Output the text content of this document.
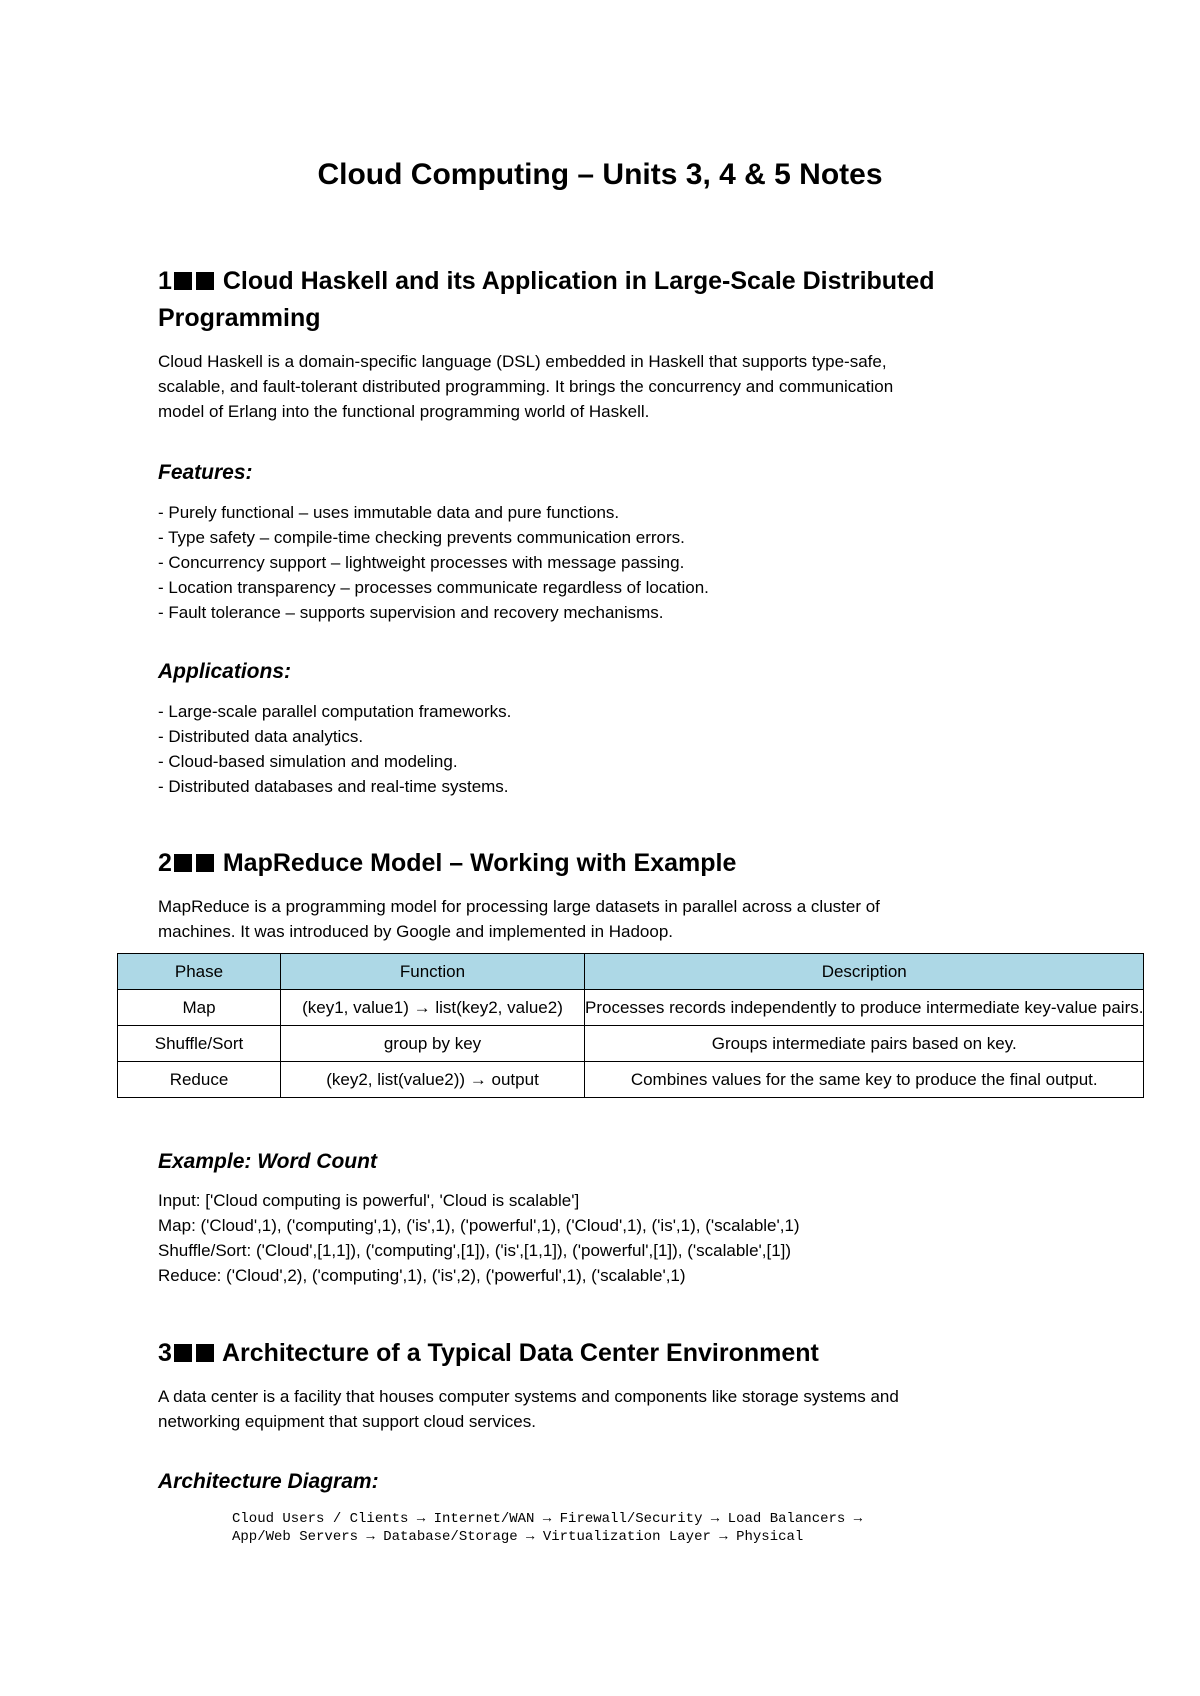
Cloud Computing – Units 3, 4 & 5 Notes
1 Cloud Haskell and its Application in Large-Scale Distributed
Programming
Cloud Haskell is a domain-specific language (DSL) embedded in Haskell that supports type-safe,
scalable, and fault-tolerant distributed programming. It brings the concurrency and communication
model of Erlang into the functional programming world of Haskell.
Features:
- Purely functional – uses immutable data and pure functions.
- Type safety – compile-time checking prevents communication errors.
- Concurrency support – lightweight processes with message passing.
- Location transparency – processes communicate regardless of location.
- Fault tolerance – supports supervision and recovery mechanisms.
Applications:
- Large-scale parallel computation frameworks.
- Distributed data analytics.
- Cloud-based simulation and modeling.
- Distributed databases and real-time systems.
2 MapReduce Model – Working with Example
MapReduce is a programming model for processing large datasets in parallel across a cluster of
machines. It was introduced by Google and implemented in Hadoop.
Phase	Function	Description
Map	(key1, value1) → list(key2, value2)	Processes records independently to produce intermediate key-value pairs.
Shuffle/Sort	group by key	Groups intermediate pairs based on key.
Reduce	(key2, list(value2)) → output	Combines values for the same key to produce the final output.
Example: Word Count
Input: ['Cloud computing is powerful', 'Cloud is scalable']
Map: ('Cloud',1), ('computing',1), ('is',1), ('powerful',1), ('Cloud',1), ('is',1), ('scalable',1)
Shuffle/Sort: ('Cloud',[1,1]), ('computing',[1]), ('is',[1,1]), ('powerful',[1]), ('scalable',[1])
Reduce: ('Cloud',2), ('computing',1), ('is',2), ('powerful',1), ('scalable',1)
3 Architecture of a Typical Data Center Environment
A data center is a facility that houses computer systems and components like storage systems and
networking equipment that support cloud services.
Architecture Diagram:
Cloud Users / Clients → Internet/WAN → Firewall/Security → Load Balancers →
App/Web Servers → Database/Storage → Virtualization Layer → Physical
